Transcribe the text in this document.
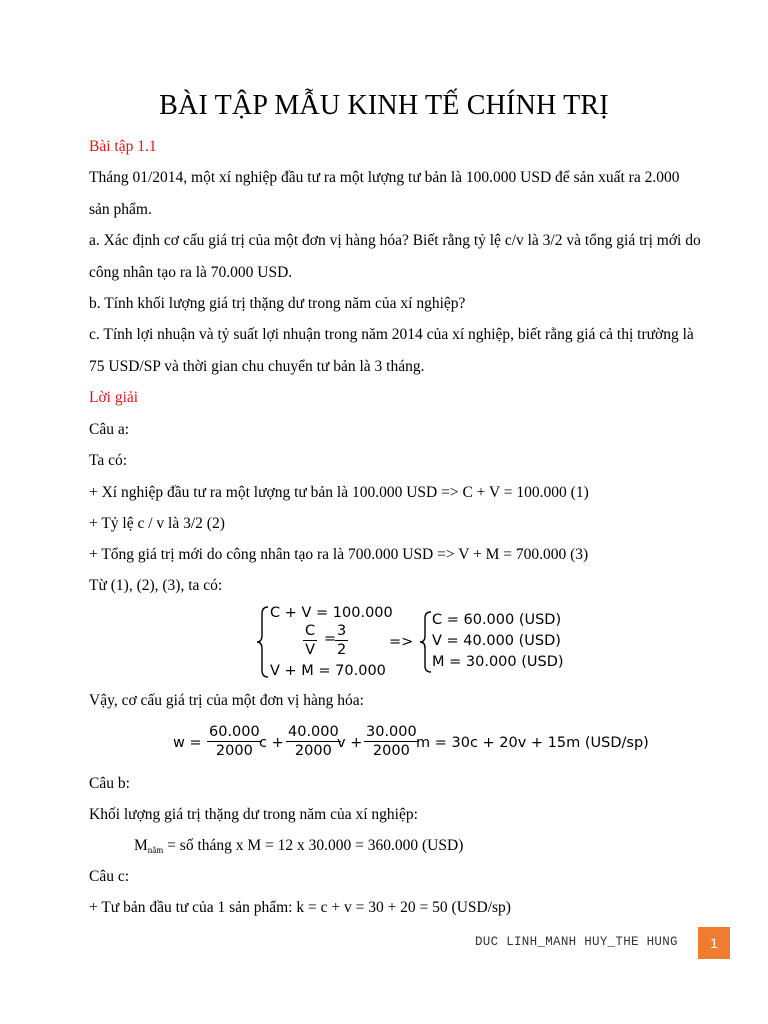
BÀI TẬP MẪU KINH TẾ CHÍNH TRỊ
Bài tập 1.1
Tháng 01/2014, một xí nghiệp đầu tư ra một lượng tư bản là 100.000 USD để sản xuất ra 2.000
sản phẩm.
a. Xác định cơ cấu giá trị của một đơn vị hàng hóa? Biết rằng tỷ lệ c/v là 3/2 và tổng giá trị mới do
công nhân tạo ra là 70.000 USD.
b. Tính khối lượng giá trị thặng dư trong năm của xí nghiệp?
c. Tính lợi nhuận và tỷ suất lợi nhuận trong năm 2014 của xí nghiệp, biết rằng giá cả thị trường là
75 USD/SP và thời gian chu chuyển tư bản là 3 tháng.
Lời giải
Câu a:
Ta có:
+ Xí nghiệp đầu tư ra một lượng tư bản là 100.000 USD => C + V = 100.000 (1)
+ Tỷ lệ c / v là 3/2 (2)
+ Tổng giá trị mới do công nhân tạo ra là 700.000 USD => V + M = 700.000 (3)
Từ (1), (2), (3), ta có:
C + V = 100.000
$\frac{C}{V}$ =
$\frac{3}{2}$
V + M = 70.000
=>
C = 60.000 (USD)
V = 40.000 (USD)
M = 30.000 (USD)
Vậy, cơ cấu giá trị của một đơn vị hàng hóa:
$w = \frac{60.000}{2000}$
$c + \frac{40.000}{2000}$
$v + \frac{30.000}{2000}$
m = 30c + 20v + 15m (USD/sp)
Câu b:
Khối lượng giá trị thặng dư trong năm của xí nghiệp:
Mnăm = số tháng x M = 12 x 30.000 = 360.000 (USD)
Câu c:
+ Tư bản đầu tư của 1 sản phẩm: k = c + v = 30 + 20 = 50 (USD/sp)
DUC LINH_MANH HUY_THE HUNG	1
